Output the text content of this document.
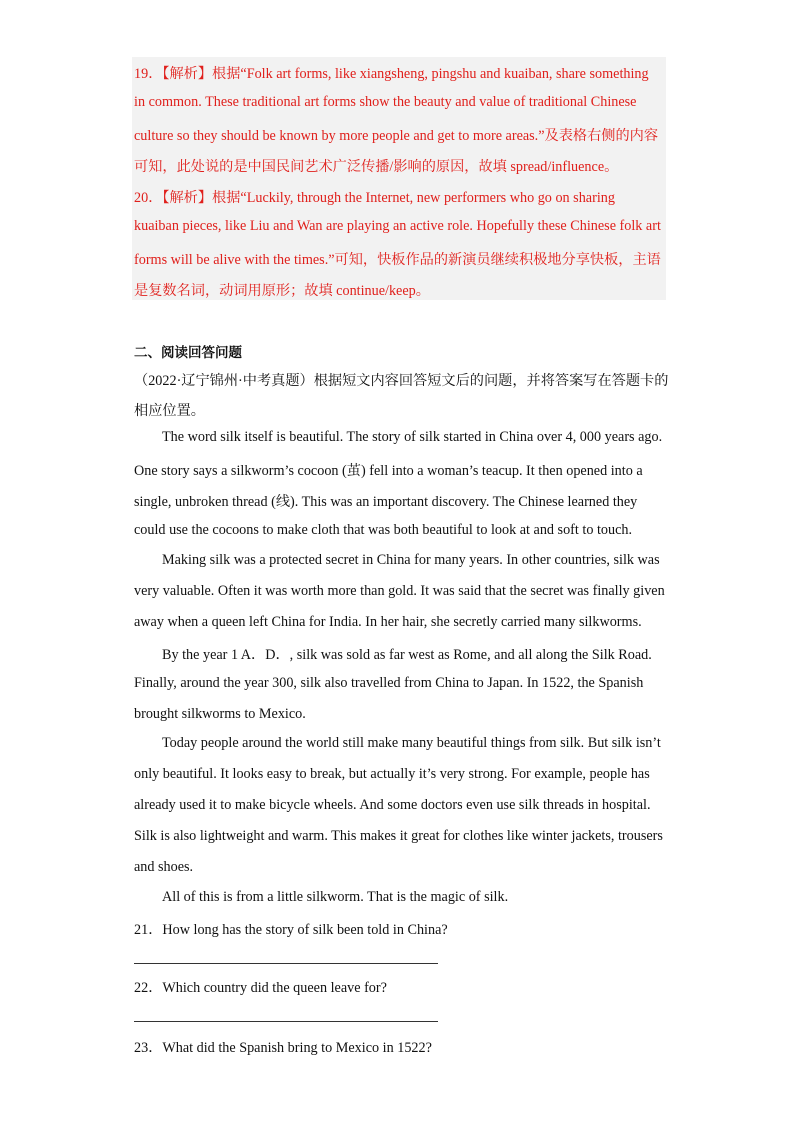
19．【解析】根据“Folk art forms, like xiangsheng, pingshu and kuaiban, share something
in common. These traditional art forms show the beauty and value of traditional Chinese
culture so they should be known by more people and get to more areas.”及表格右侧的内容
可知，此处说的是中国民间艺术广泛传播/影响的原因，故填 spread/influence。
20．【解析】根据“Luckily, through the Internet, new performers who go on sharing
kuaiban pieces, like Liu and Wan are playing an active role. Hopefully these Chinese folk art
forms will be alive with the times.”可知，快板作品的新演员继续积极地分享快板，主语
是复数名词，动词用原形；故填 continue/keep。
二、阅读回答问题
（2022·辽宁锦州·中考真题）根据短文内容回答短文后的问题，并将答案写在答题卡的
相应位置。
The word silk itself is beautiful. The story of silk started in China over 4, 000 years ago.
One story says a silkworm’s cocoon (茧) fell into a woman’s teacup. It then opened into a
single, unbroken thread (线). This was an important discovery. The Chinese learned they
could use the cocoons to make cloth that was both beautiful to look at and soft to touch.
Making silk was a protected secret in China for many years. In other countries, silk was
very valuable. Often it was worth more than gold. It was said that the secret was finally given
away when a queen left China for India. In her hair, she secretly carried many silkworms.
By the year 1 A．D．, silk was sold as far west as Rome, and all along the Silk Road.
Finally, around the year 300, silk also travelled from China to Japan. In 1522, the Spanish
brought silkworms to Mexico.
Today people around the world still make many beautiful things from silk. But silk isn’t
only beautiful. It looks easy to break, but actually it’s very strong. For example, people has
already used it to make bicycle wheels. And some doctors even use silk threads in hospital.
Silk is also lightweight and warm. This makes it great for clothes like winter jackets, trousers
and shoes.
All of this is from a little silkworm. That is the magic of silk.
21．How long has the story of silk been told in China?
22．Which country did the queen leave for?
23．What did the Spanish bring to Mexico in 1522?
